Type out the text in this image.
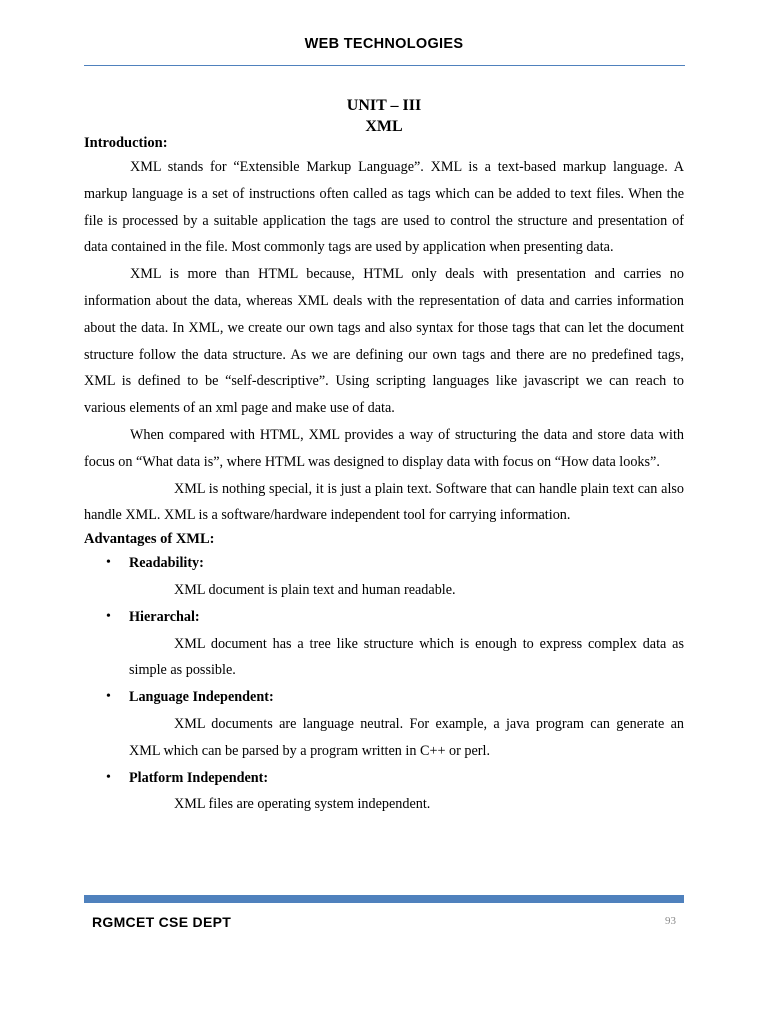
WEB TECHNOLOGIES
UNIT – III
XML

Introduction:

XML stands for “Extensible Markup Language”. XML is a text-based markup language. A markup language is a set of instructions often called as tags which can be added to text files. When the file is processed by a suitable application the tags are used to control the structure and presentation of data contained in the file. Most commonly tags are used by application when presenting data.

XML is more than HTML because, HTML only deals with presentation and carries no information about the data, whereas XML deals with the representation of data and carries information about the data. In XML, we create our own tags and also syntax for those tags that can let the document structure follow the data structure. As we are defining our own tags and there are no predefined tags, XML is defined to be “self-descriptive”. Using scripting languages like javascript we can reach to various elements of an xml page and make use of data.

When compared with HTML, XML provides a way of structuring the data and store data with focus on “What data is”, where HTML was designed to display data with focus on “How data looks”.

XML is nothing special, it is just a plain text. Software that can handle plain text can also handle XML. XML is a software/hardware independent tool for carrying information.

Advantages of XML:

• Readability:

XML document is plain text and human readable.

• Hierarchal:

XML document has a tree like structure which is enough to express complex data as simple as possible.

• Language Independent:

XML documents are language neutral. For example, a java program can generate an XML which can be parsed by a program written in C++ or perl.

• Platform Independent:

XML files are operating system independent.

RGMCET CSE DEPT	93
